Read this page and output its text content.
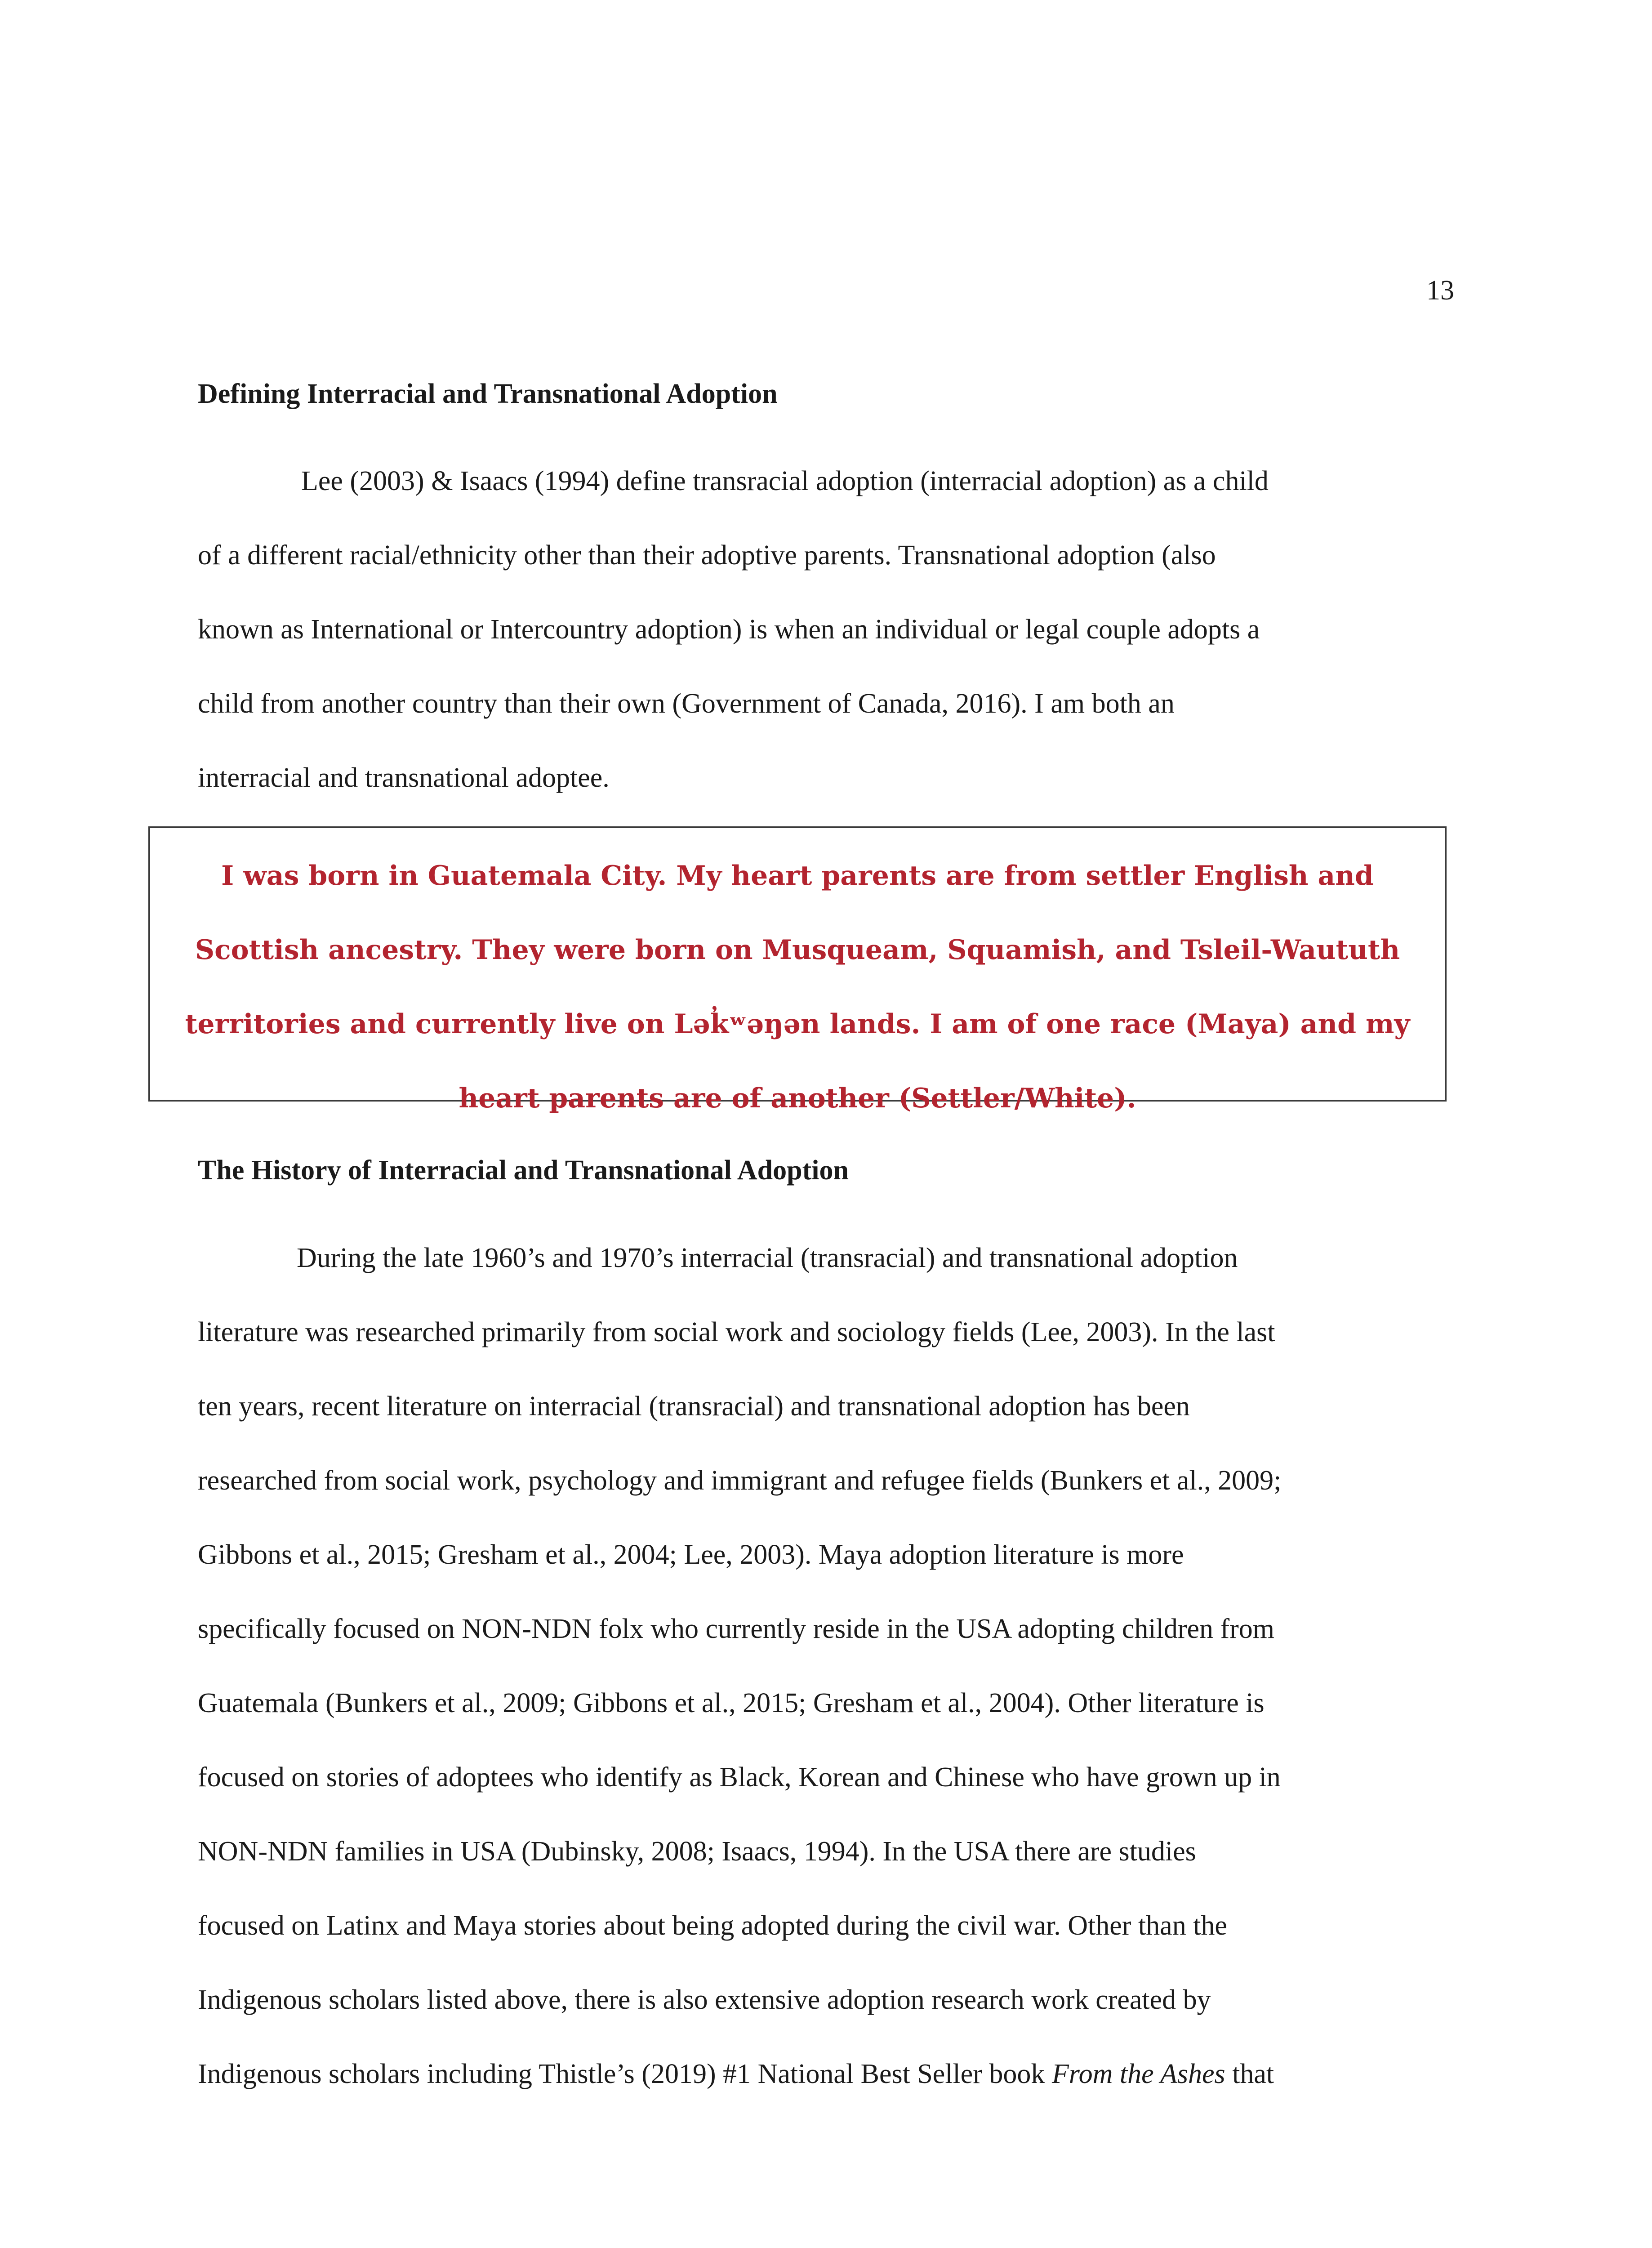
13
Defining Interracial and Transnational Adoption

Lee (2003) & Isaacs (1994) define transracial adoption (interracial adoption) as a child
of a different racial/ethnicity other than their adoptive parents. Transnational adoption (also
known as International or Intercountry adoption) is when an individual or legal couple adopts a
child from another country than their own (Government of Canada, 2016). I am both an
interracial and transnational adoptee.

I was born in Guatemala City. My heart parents are from settler English and
Scottish ancestry. They were born on Musqueam, Squamish, and Tsleil-Waututh
territories and currently live on Lək̓ʷəŋən lands. I am of one race (Maya) and my
heart parents are of another (Settler/White).
The History of Interracial and Transnational Adoption

During the late 1960’s and 1970’s interracial (transracial) and transnational adoption
literature was researched primarily from social work and sociology fields (Lee, 2003). In the last
ten years, recent literature on interracial (transracial) and transnational adoption has been
researched from social work, psychology and immigrant and refugee fields (Bunkers et al., 2009;
Gibbons et al., 2015; Gresham et al., 2004; Lee, 2003). Maya adoption literature is more
specifically focused on NON-NDN folx who currently reside in the USA adopting children from
Guatemala (Bunkers et al., 2009; Gibbons et al., 2015; Gresham et al., 2004). Other literature is
focused on stories of adoptees who identify as Black, Korean and Chinese who have grown up in
NON-NDN families in USA (Dubinsky, 2008; Isaacs, 1994). In the USA there are studies
focused on Latinx and Maya stories about being adopted during the civil war. Other than the
Indigenous scholars listed above, there is also extensive adoption research work created by
Indigenous scholars including Thistle’s (2019) #1 National Best Seller book From the Ashes that
